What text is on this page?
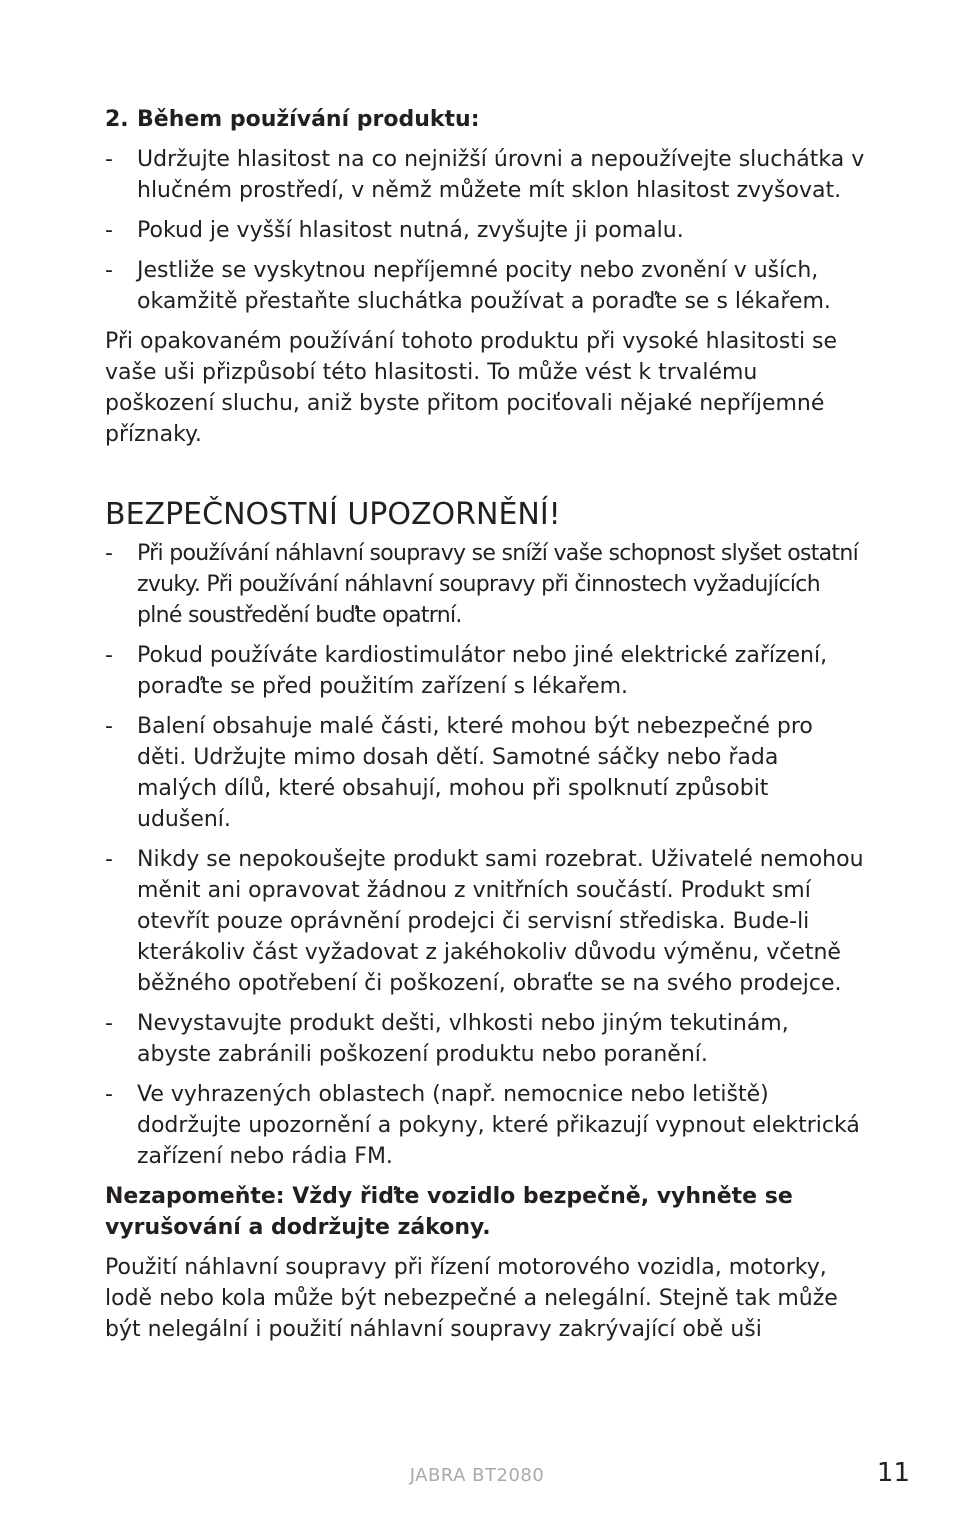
2. Během používání produktu:
- Udržujte hlasitost na co nejnižší úrovni a nepoužívejte sluchátka v hlučném prostředí, v němž můžete mít sklon hlasitost zvyšovat.
- Pokud je vyšší hlasitost nutná, zvyšujte ji pomalu.
- Jestliže se vyskytnou nepříjemné pocity nebo zvonění v uších, okamžitě přestaňte sluchátka používat a poraďte se s lékařem.

Při opakovaném používání tohoto produktu při vysoké hlasitosti se vaše uši přizpůsobí této hlasitosti. To může vést k trvalému poškození sluchu, aniž byste přitom pociťovali nějaké nepříjemné příznaky.

BEZPEČNOSTNÍ UPOZORNĚNÍ!
- Při používání náhlavní soupravy se sníží vaše schopnost slyšet ostatní zvuky. Při používání náhlavní soupravy při činnostech vyžadujících plné soustředění buďte opatrní.
- Pokud používáte kardiostimulátor nebo jiné elektrické zařízení, poraďte se před použitím zařízení s lékařem.
- Balení obsahuje malé části, které mohou být nebezpečné pro děti. Udržujte mimo dosah dětí. Samotné sáčky nebo řada malých dílů, které obsahují, mohou při spolknutí způsobit udušení.
- Nikdy se nepokoušejte produkt sami rozebrat. Uživatelé nemohou měnit ani opravovat žádnou z vnitřních součástí. Produkt smí otevřít pouze oprávnění prodejci či servisní střediska. Bude-li kterákoliv část vyžadovat z jakéhokoliv důvodu výměnu, včetně běžného opotřebení či poškození, obraťte se na svého prodejce.
- Nevystavujte produkt dešti, vlhkosti nebo jiným tekutinám, abyste zabránili poškození produktu nebo poranění.
- Ve vyhrazených oblastech (např. nemocnice nebo letiště) dodržujte upozornění a pokyny, které přikazují vypnout elektrická zařízení nebo rádia FM.

Nezapomeňte: Vždy řiďte vozidlo bezpečně, vyhněte se vyrušování a dodržujte zákony.

Použití náhlavní soupravy při řízení motorového vozidla, motorky, lodě nebo kola může být nebezpečné a nelegální. Stejně tak může být nelegální i použití náhlavní soupravy zakrývající obě uši

JABRA BT2080	11
